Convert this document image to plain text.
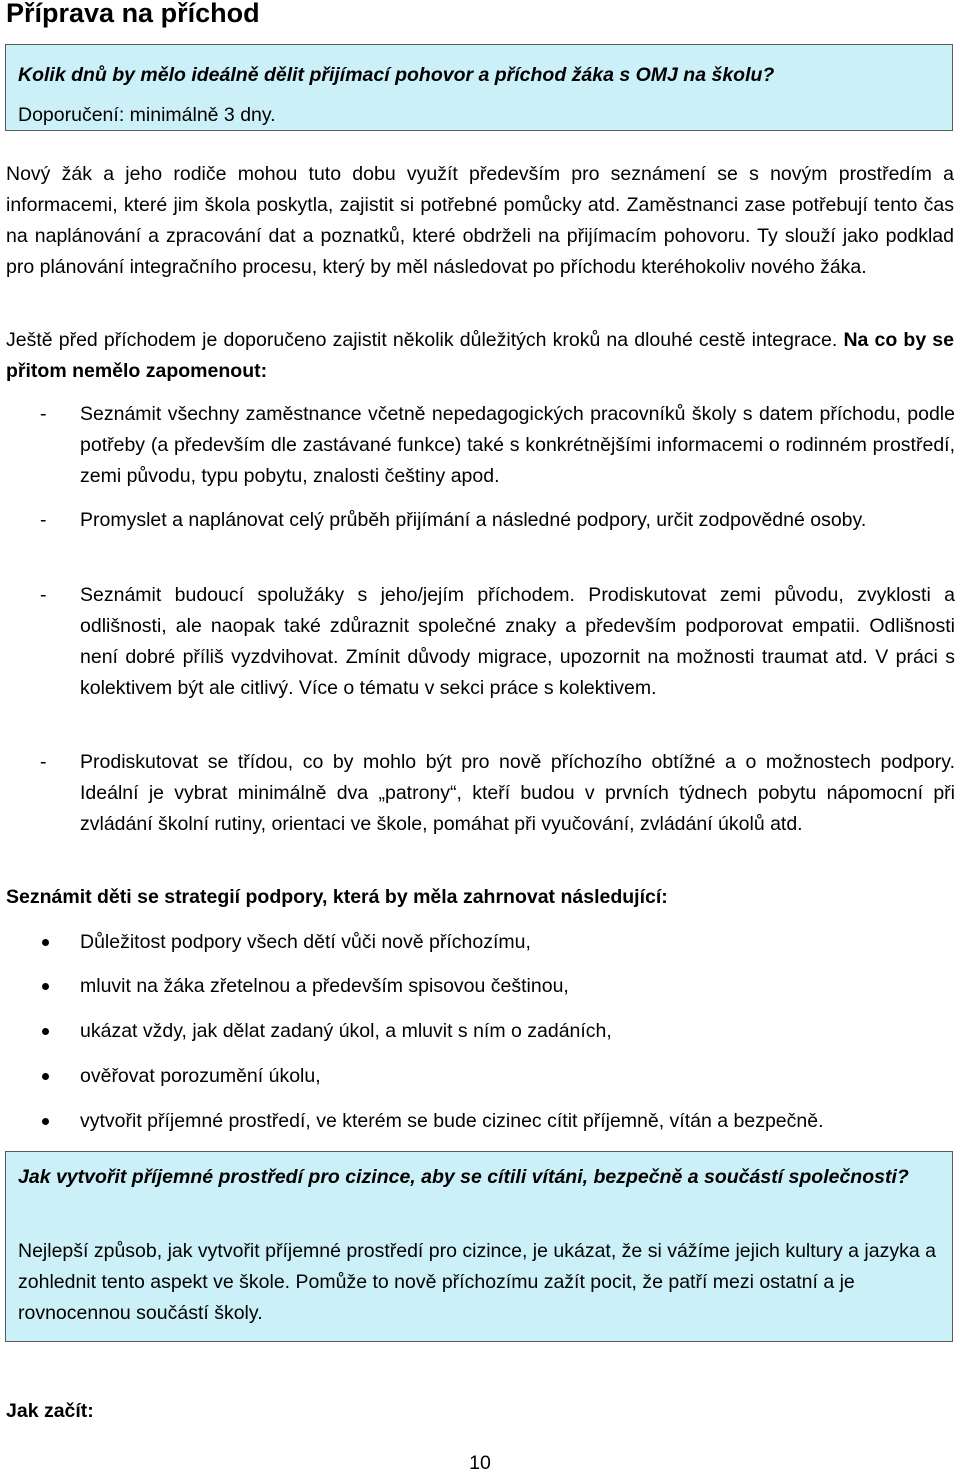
Příprava na příchod
Kolik dnů by mělo ideálně dělit přijímací pohovor a příchod žáka s OMJ na školu?
Doporučení: minimálně 3 dny.
Nový žák a jeho rodiče mohou tuto dobu využít především pro seznámení se s novým prostředím a informacemi, které jim škola poskytla, zajistit si potřebné pomůcky atd. Zaměstnanci zase potřebují tento čas na naplánování a zpracování dat a poznatků, které obdrželi na přijímacím pohovoru. Ty slouží jako podklad pro plánování integračního procesu, který by měl následovat po příchodu kteréhokoliv nového žáka.
Ještě před příchodem je doporučeno zajistit několik důležitých kroků na dlouhé cestě integrace. Na co by se přitom nemělo zapomenout:
- Seznámit všechny zaměstnance včetně nepedagogických pracovníků školy s datem příchodu, podle potřeby (a především dle zastávané funkce) také s konkrétnějšími informacemi o rodinném prostředí, zemi původu, typu pobytu, znalosti češtiny apod.
- Promyslet a naplánovat celý průběh přijímání a následné podpory, určit zodpovědné osoby.
- Seznámit budoucí spolužáky s jeho/jejím příchodem. Prodiskutovat zemi původu, zvyklosti a odlišnosti, ale naopak také zdůraznit společné znaky a především podporovat empatii. Odlišnosti není dobré příliš vyzdvihovat. Zmínit důvody migrace, upozornit na možnosti traumat atd. V práci s kolektivem být ale citlivý. Více o tématu v sekci práce s kolektivem.
- Prodiskutovat se třídou, co by mohlo být pro nově příchozího obtížné a o možnostech podpory. Ideální je vybrat minimálně dva „patrony“, kteří budou v prvních týdnech pobytu nápomocní při zvládání školní rutiny, orientaci ve škole, pomáhat při vyučování, zvládání úkolů atd.
Seznámit děti se strategií podpory, která by měla zahrnovat následující:
Důležitost podpory všech dětí vůči nově příchozímu,
mluvit na žáka zřetelnou a především spisovou češtinou,
ukázat vždy, jak dělat zadaný úkol, a mluvit s ním o zadáních,
ověřovat porozumění úkolu,
vytvořit příjemné prostředí, ve kterém se bude cizinec cítit příjemně, vítán a bezpečně.
Jak vytvořit příjemné prostředí pro cizince, aby se cítili vítáni, bezpečně a součástí společnosti?
Nejlepší způsob, jak vytvořit příjemné prostředí pro cizince, je ukázat, že si vážíme jejich kultury a jazyka a zohlednit tento aspekt ve škole. Pomůže to nově příchozímu zažít pocit, že patří mezi ostatní a je rovnocennou součástí školy.
Jak začít:
10
